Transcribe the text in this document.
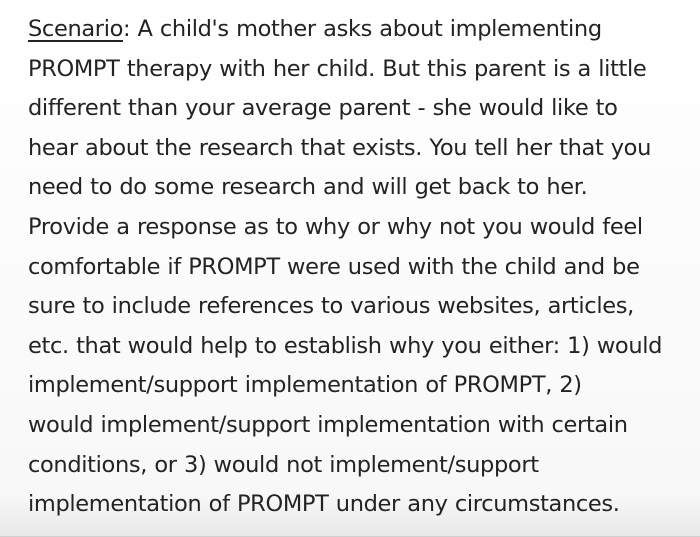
Scenario: A child's mother asks about implementing
PROMPT therapy with her child. But this parent is a little
different than your average parent - she would like to
hear about the research that exists. You tell her that you
need to do some research and will get back to her.
Provide a response as to why or why not you would feel
comfortable if PROMPT were used with the child and be
sure to include references to various websites, articles,
etc. that would help to establish why you either: 1) would
implement/support implementation of PROMPT, 2)
would implement/support implementation with certain
conditions, or 3) would not implement/support
implementation of PROMPT under any circumstances.
